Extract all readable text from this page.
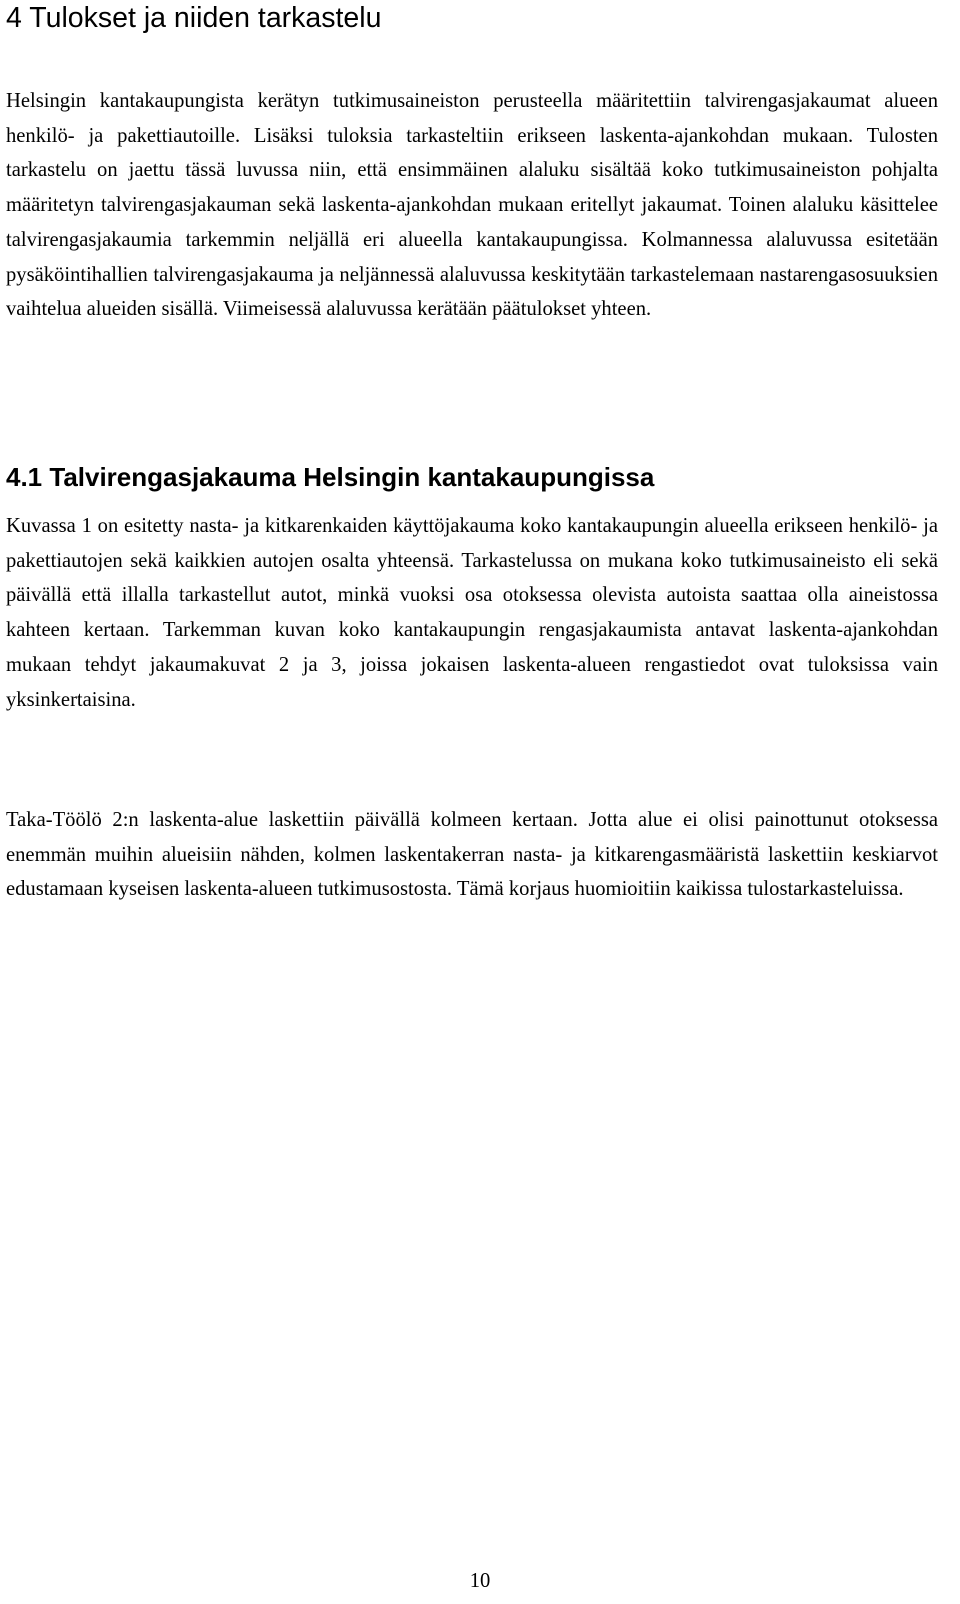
4 Tulokset ja niiden tarkastelu

Helsingin kantakaupungista kerätyn tutkimusaineiston perusteella määritettiin talvirengasjakaumat alueen henkilö- ja pakettiautoille. Lisäksi tuloksia tarkasteltiin erikseen laskenta-ajankohdan mukaan. Tulosten tarkastelu on jaettu tässä luvussa niin, että ensimmäinen alaluku sisältää koko tutkimusaineiston pohjalta määritetyn talvirengasjakauman sekä laskenta-ajankohdan mukaan eritellyt jakaumat. Toinen alaluku käsittelee talvirengasjakaumia tarkemmin neljällä eri alueella kantakaupungissa. Kolmannessa alaluvussa esitetään pysäköintihallien talvirengasjakauma ja neljännessä alaluvussa keskitytään tarkastelemaan nastarengasosuuksien vaihtelua alueiden sisällä. Viimeisessä alaluvussa kerätään päätulokset yhteen.

4.1 Talvirengasjakauma Helsingin kantakaupungissa

Kuvassa 1 on esitetty nasta- ja kitkarenkaiden käyttöjakauma koko kantakaupungin alueella erikseen henkilö- ja pakettiautojen sekä kaikkien autojen osalta yhteensä. Tarkastelussa on mukana koko tutkimusaineisto eli sekä päivällä että illalla tarkastellut autot, minkä vuoksi osa otoksessa olevista autoista saattaa olla aineistossa kahteen kertaan. Tarkemman kuvan koko kantakaupungin rengasjakaumista antavat laskenta-ajankohdan mukaan tehdyt jakaumakuvat 2 ja 3, joissa jokaisen laskenta-alueen rengastiedot ovat tuloksissa vain yksinkertaisina.

Taka-Töölö 2:n laskenta-alue laskettiin päivällä kolmeen kertaan. Jotta alue ei olisi painottunut otoksessa enemmän muihin alueisiin nähden, kolmen laskentakerran nasta- ja kitkarengasmääristä laskettiin keskiarvot edustamaan kyseisen laskenta-alueen tutkimusostosta. Tämä korjaus huomioitiin kaikissa tulostarkasteluissa.

10
